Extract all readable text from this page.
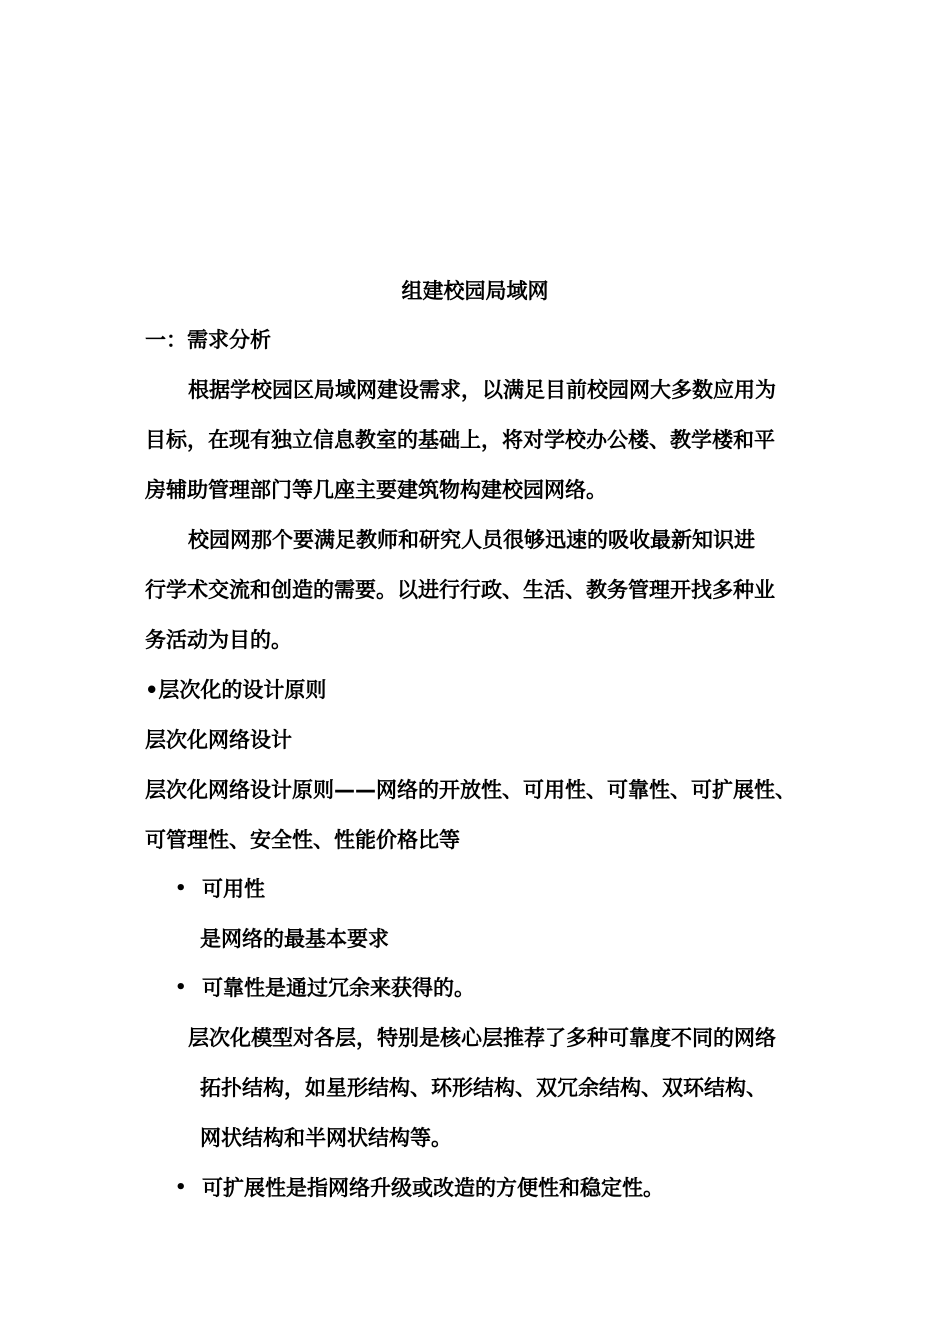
组建校园局域网
一：需求分析
根据学校园区局域网建设需求，以满足目前校园网大多数应用为
目标，在现有独立信息教室的基础上，将对学校办公楼、教学楼和平
房辅助管理部门等几座主要建筑物构建校园网络。
校园网那个要满足教师和研究人员很够迅速的吸收最新知识进
行学术交流和创造的需要。以进行行政、生活、教务管理开找多种业
务活动为目的。
•层次化的设计原则
层次化网络设计
层次化网络设计原则——网络的开放性、可用性、可靠性、可扩展性、
可管理性、安全性、性能价格比等
• 可用性
是网络的最基本要求
• 可靠性是通过冗余来获得的。
层次化模型对各层，特别是核心层推荐了多种可靠度不同的网络
拓扑结构，如星形结构、环形结构、双冗余结构、双环结构、
网状结构和半网状结构等。
• 可扩展性是指网络升级或改造的方便性和稳定性。
